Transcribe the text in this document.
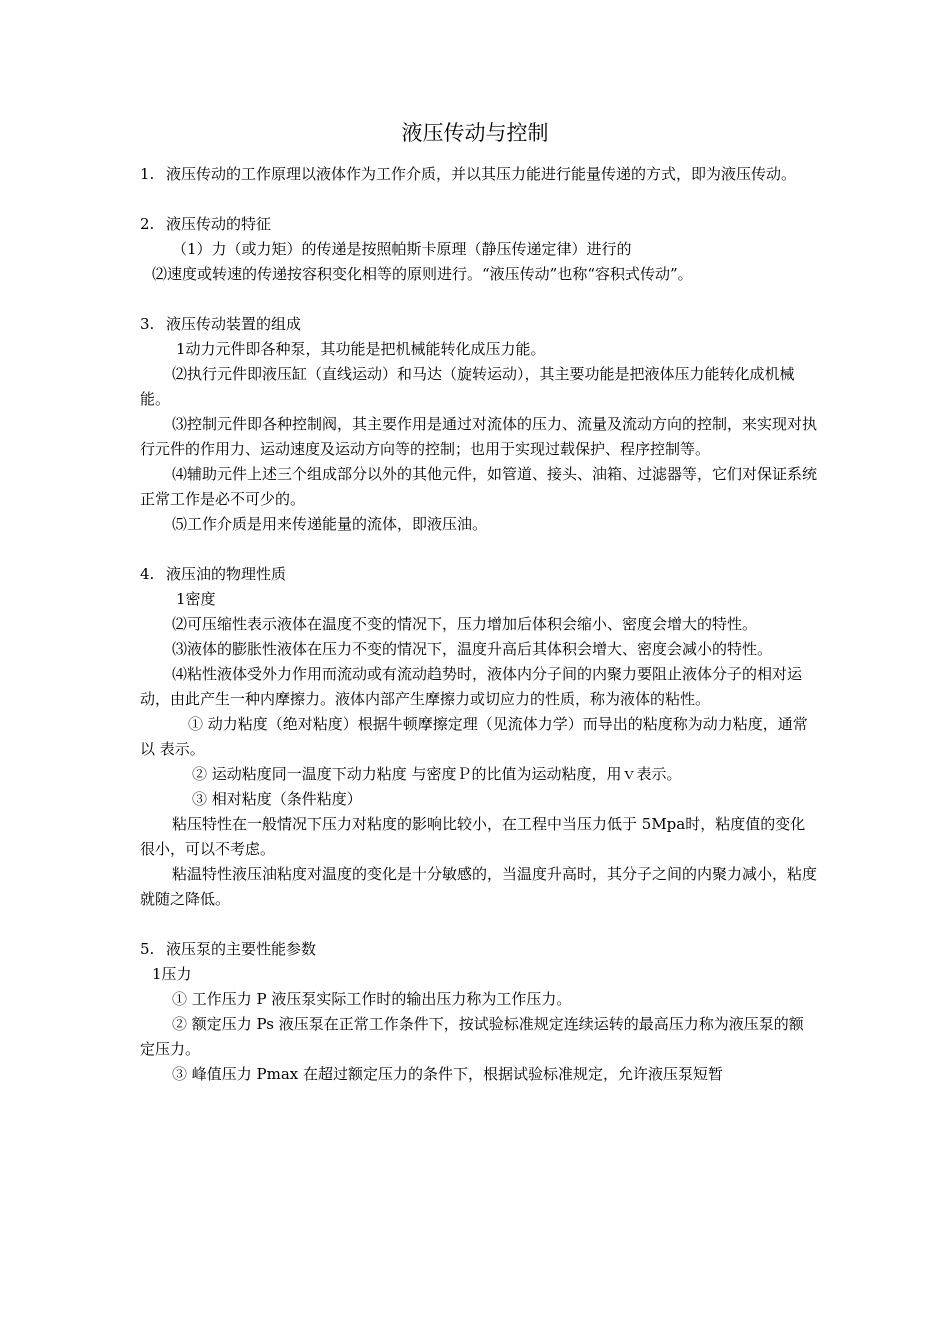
液压传动与控制
1. 液压传动的工作原理以液体作为工作介质，并以其压力能进行能量传递的方式，即为液压传动。

2. 液压传动的特征

（1）力（或力矩）的传递是按照帕斯卡原理（静压传递定律）进行的

⑵速度或转速的传递按容积变化相等的原则进行。“液压传动”也称“容积式传动”。

3. 液压传动装置的组成

1动力元件即各种泵，其功能是把机械能转化成压力能。

⑵执行元件即液压缸（直线运动）和马达（旋转运动），其主要功能是把液体压力能转化成机械能。

⑶控制元件即各种控制阀，其主要作用是通过对流体的压力、流量及流动方向的控制，来实现对执行元件的作用力、运动速度及运动方向等的控制；也用于实现过载保护、程序控制等。

⑷辅助元件上述三个组成部分以外的其他元件，如管道、接头、油箱、过滤器等，它们对保证系统正常工作是必不可少的。

⑸工作介质是用来传递能量的流体，即液压油。

4. 液压油的物理性质

1密度

⑵可压缩性表示液体在温度不变的情况下，压力增加后体积会缩小、密度会增大的特性。

⑶液体的膨胀性液体在压力不变的情况下，温度升高后其体积会增大、密度会减小的特性。

⑷粘性液体受外力作用而流动或有流动趋势时，液体内分子间的内聚力要阻止液体分子的相对运动，由此产生一种内摩擦力。液体内部产生摩擦力或切应力的性质，称为液体的粘性。

① 动力粘度（绝对粘度）根据牛顿摩擦定理（见流体力学）而导出的粘度称为动力粘度，通常以 ︎表示。

② 运动粘度同一温度下动力粘度 ︎与密度Ｐ的比值为运动粘度，用ｖ表示。

③ 相对粘度（条件粘度）

粘压特性在一般情况下压力对粘度的影响比较小，在工程中当压力低于 5Mpa时，粘度值的变化很小，可以不考虑。

粘温特性液压油粘度对温度的变化是十分敏感的，当温度升高时，其分子之间的内聚力减小，粘度就随之降低。

5. 液压泵的主要性能参数

1压力

① 工作压力 P 液压泵实际工作时的输出压力称为工作压力。

② 额定压力 Ps 液压泵在正常工作条件下，按试验标准规定连续运转的最高压力称为液压泵的额定压力。

③ 峰值压力 Pmax 在超过额定压力的条件下，根据试验标准规定，允许液压泵短暂
